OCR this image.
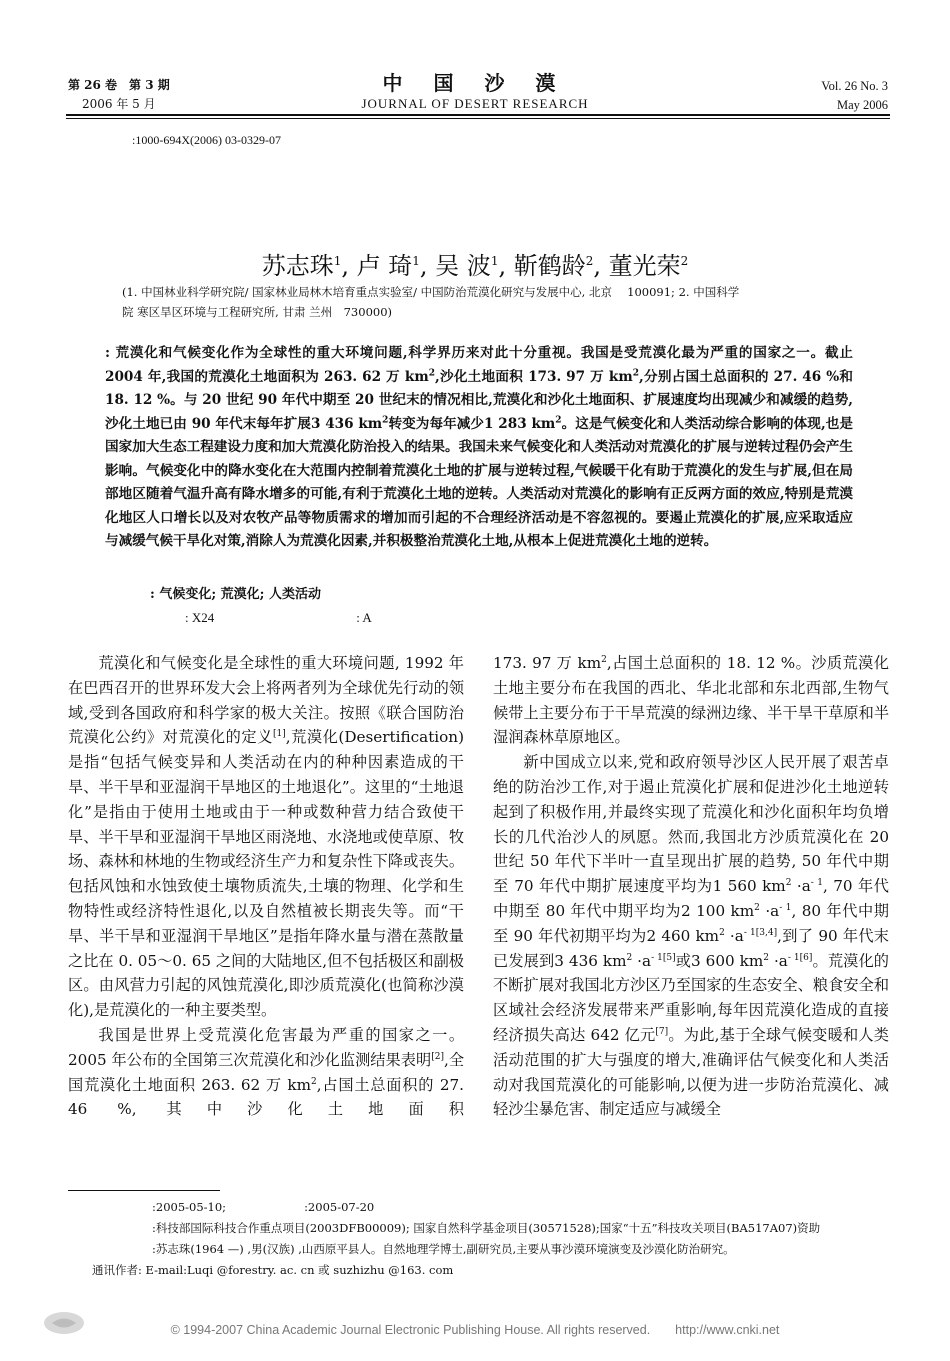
第 26 卷　第 3 期
2006 年 5 月
中 国 沙 漠
JOURNAL OF DESERT RESEARCH
Vol. 26 No. 3
May 2006
:1000-694X(2006) 03-0329-07
苏志珠$^1$, 卢 琦$^1$, 吴 波$^1$, 靳鹤龄$^2$, 董光荣$^2$
(1. 中国林业科学研究院/ 国家林业局林木培育重点实验室/ 中国防治荒漠化研究与发展中心, 北京　 100091; 2. 中国科学
院 寒区旱区环境与工程研究所, 甘肃 兰州　730000)
: 荒漠化和气候变化作为全球性的重大环境问题,科学界历来对此十分重视。我国是受荒漠化最为严重的国家之一。截止 2004 年,我国的荒漠化土地面积为 263. 62 万 $km^2$,沙化土地面积 173. 97 万 $km^2$,分别占国土总面积的 27. 46 %和 18. 12 %。与 20 世纪 90 年代中期至 20 世纪末的情况相比,荒漠化和沙化土地面积、扩展速度均出现减少和减缓的趋势,沙化土地已由 90 年代末每年扩展3 436 $km^2$转变为每年减少1 283 $km^2$。这是气候变化和人类活动综合影响的体现,也是国家加大生态工程建设力度和加大荒漠化防治投入的结果。我国未来气候变化和人类活动对荒漠化的扩展与逆转过程仍会产生影响。气候变化中的降水变化在大范围内控制着荒漠化土地的扩展与逆转过程,气候暖干化有助于荒漠化的发生与扩展,但在局部地区随着气温升高有降水增多的可能,有利于荒漠化土地的逆转。人类活动对荒漠化的影响有正反两方面的效应,特别是荒漠化地区人口增长以及对农牧产品等物质需求的增加而引起的不合理经济活动是不容忽视的。要遏止荒漠化的扩展,应采取适应与减缓气候干旱化对策,消除人为荒漠化因素,并积极整治荒漠化土地,从根本上促进荒漠化土地的逆转。
: 气候变化; 荒漠化; 人类活动
: X24	: A

荒漠化和气候变化是全球性的重大环境问题, 1992 年在巴西召开的世界环发大会上将两者列为全球优先行动的领域,受到各国政府和科学家的极大关注。按照《联合国防治荒漠化公约》对荒漠化的定义[1],荒漠化(Desertification)是指“包括气候变异和人类活动在内的种种因素造成的干旱、半干旱和亚湿润干旱地区的土地退化”。这里的“土地退化”是指由于使用土地或由于一种或数种营力结合致使干旱、半干旱和亚湿润干旱地区雨浇地、水浇地或使草原、牧场、森林和林地的生物或经济生产力和复杂性下降或丧失。包括风蚀和水蚀致使土壤物质流失,土壤的物理、化学和生物特性或经济特性退化,以及自然植被长期丧失等。而“干旱、半干旱和亚湿润干旱地区”是指年降水量与潜在蒸散量之比在 0. 05～0. 65 之间的大陆地区,但不包括极区和副极区。由风营力引起的风蚀荒漠化,即沙质荒漠化(也简称沙漠化),是荒漠化的一种主要类型。

我国是世界上受荒漠化危害最为严重的国家之一。2005 年公布的全国第三次荒漠化和沙化监测结果表明[2],全国荒漠化土地面积 263. 62 万 $km^2$,占国土总面积的 27. 46 %, 其中沙化土地面积

173. 97 万 $km^2$,占国土总面积的 18. 12 %。沙质荒漠化土地主要分布在我国的西北、华北北部和东北西部,生物气候带上主要分布于干旱荒漠的绿洲边缘、半干旱干草原和半湿润森林草原地区。

新中国成立以来,党和政府领导沙区人民开展了艰苦卓绝的防治沙工作,对于遏止荒漠化扩展和促进沙化土地逆转起到了积极作用,并最终实现了荒漠化和沙化面积年均负增长的几代治沙人的夙愿。然而,我国北方沙质荒漠化在 20 世纪 50 年代下半叶一直呈现出扩展的趋势, 50 年代中期至 70 年代中期扩展速度平均为1 560 $km^2 \cdot a^{- 1}$, 70 年代中期至 80 年代中期平均为2 100 $km^2 \cdot a^{- 1}$, 80 年代中期至 90 年代初期平均为2 460 $km^2 \cdot a^{- 1[3,4]}$,到了 90 年代末已发展到3 436 $km^2 \cdot a^{- 1[5]}$或3 600 $km^2 \cdot a^{- 1[6]}$。荒漠化的不断扩展对我国北方沙区乃至国家的生态安全、粮食安全和区域社会经济发展带来严重影响,每年因荒漠化造成的直接经济损失高达 642 亿元[7]。为此,基于全球气候变暖和人类活动范围的扩大与强度的增大,准确评估气候变化和人类活动对我国荒漠化的可能影响,以便为进一步防治荒漠化、减轻沙尘暴危害、制定适应与减缓全

:2005-05-10;	:2005-07-20
:科技部国际科技合作重点项目(2003DFB00009); 国家自然科学基金项目(30571528);国家“十五”科技攻关项目(BA517A07)资助
:苏志珠(1964 —) ,男(汉族) ,山西原平县人。自然地理学博士,副研究员,主要从事沙漠环境演变及沙漠化防治研究。
通讯作者: E-mail:Luqi @forestry. ac. cn 或 suzhizhu @163. com
© 1994-2007 China Academic Journal Electronic Publishing House. All rights reserved.　　http://www.cnki.net
